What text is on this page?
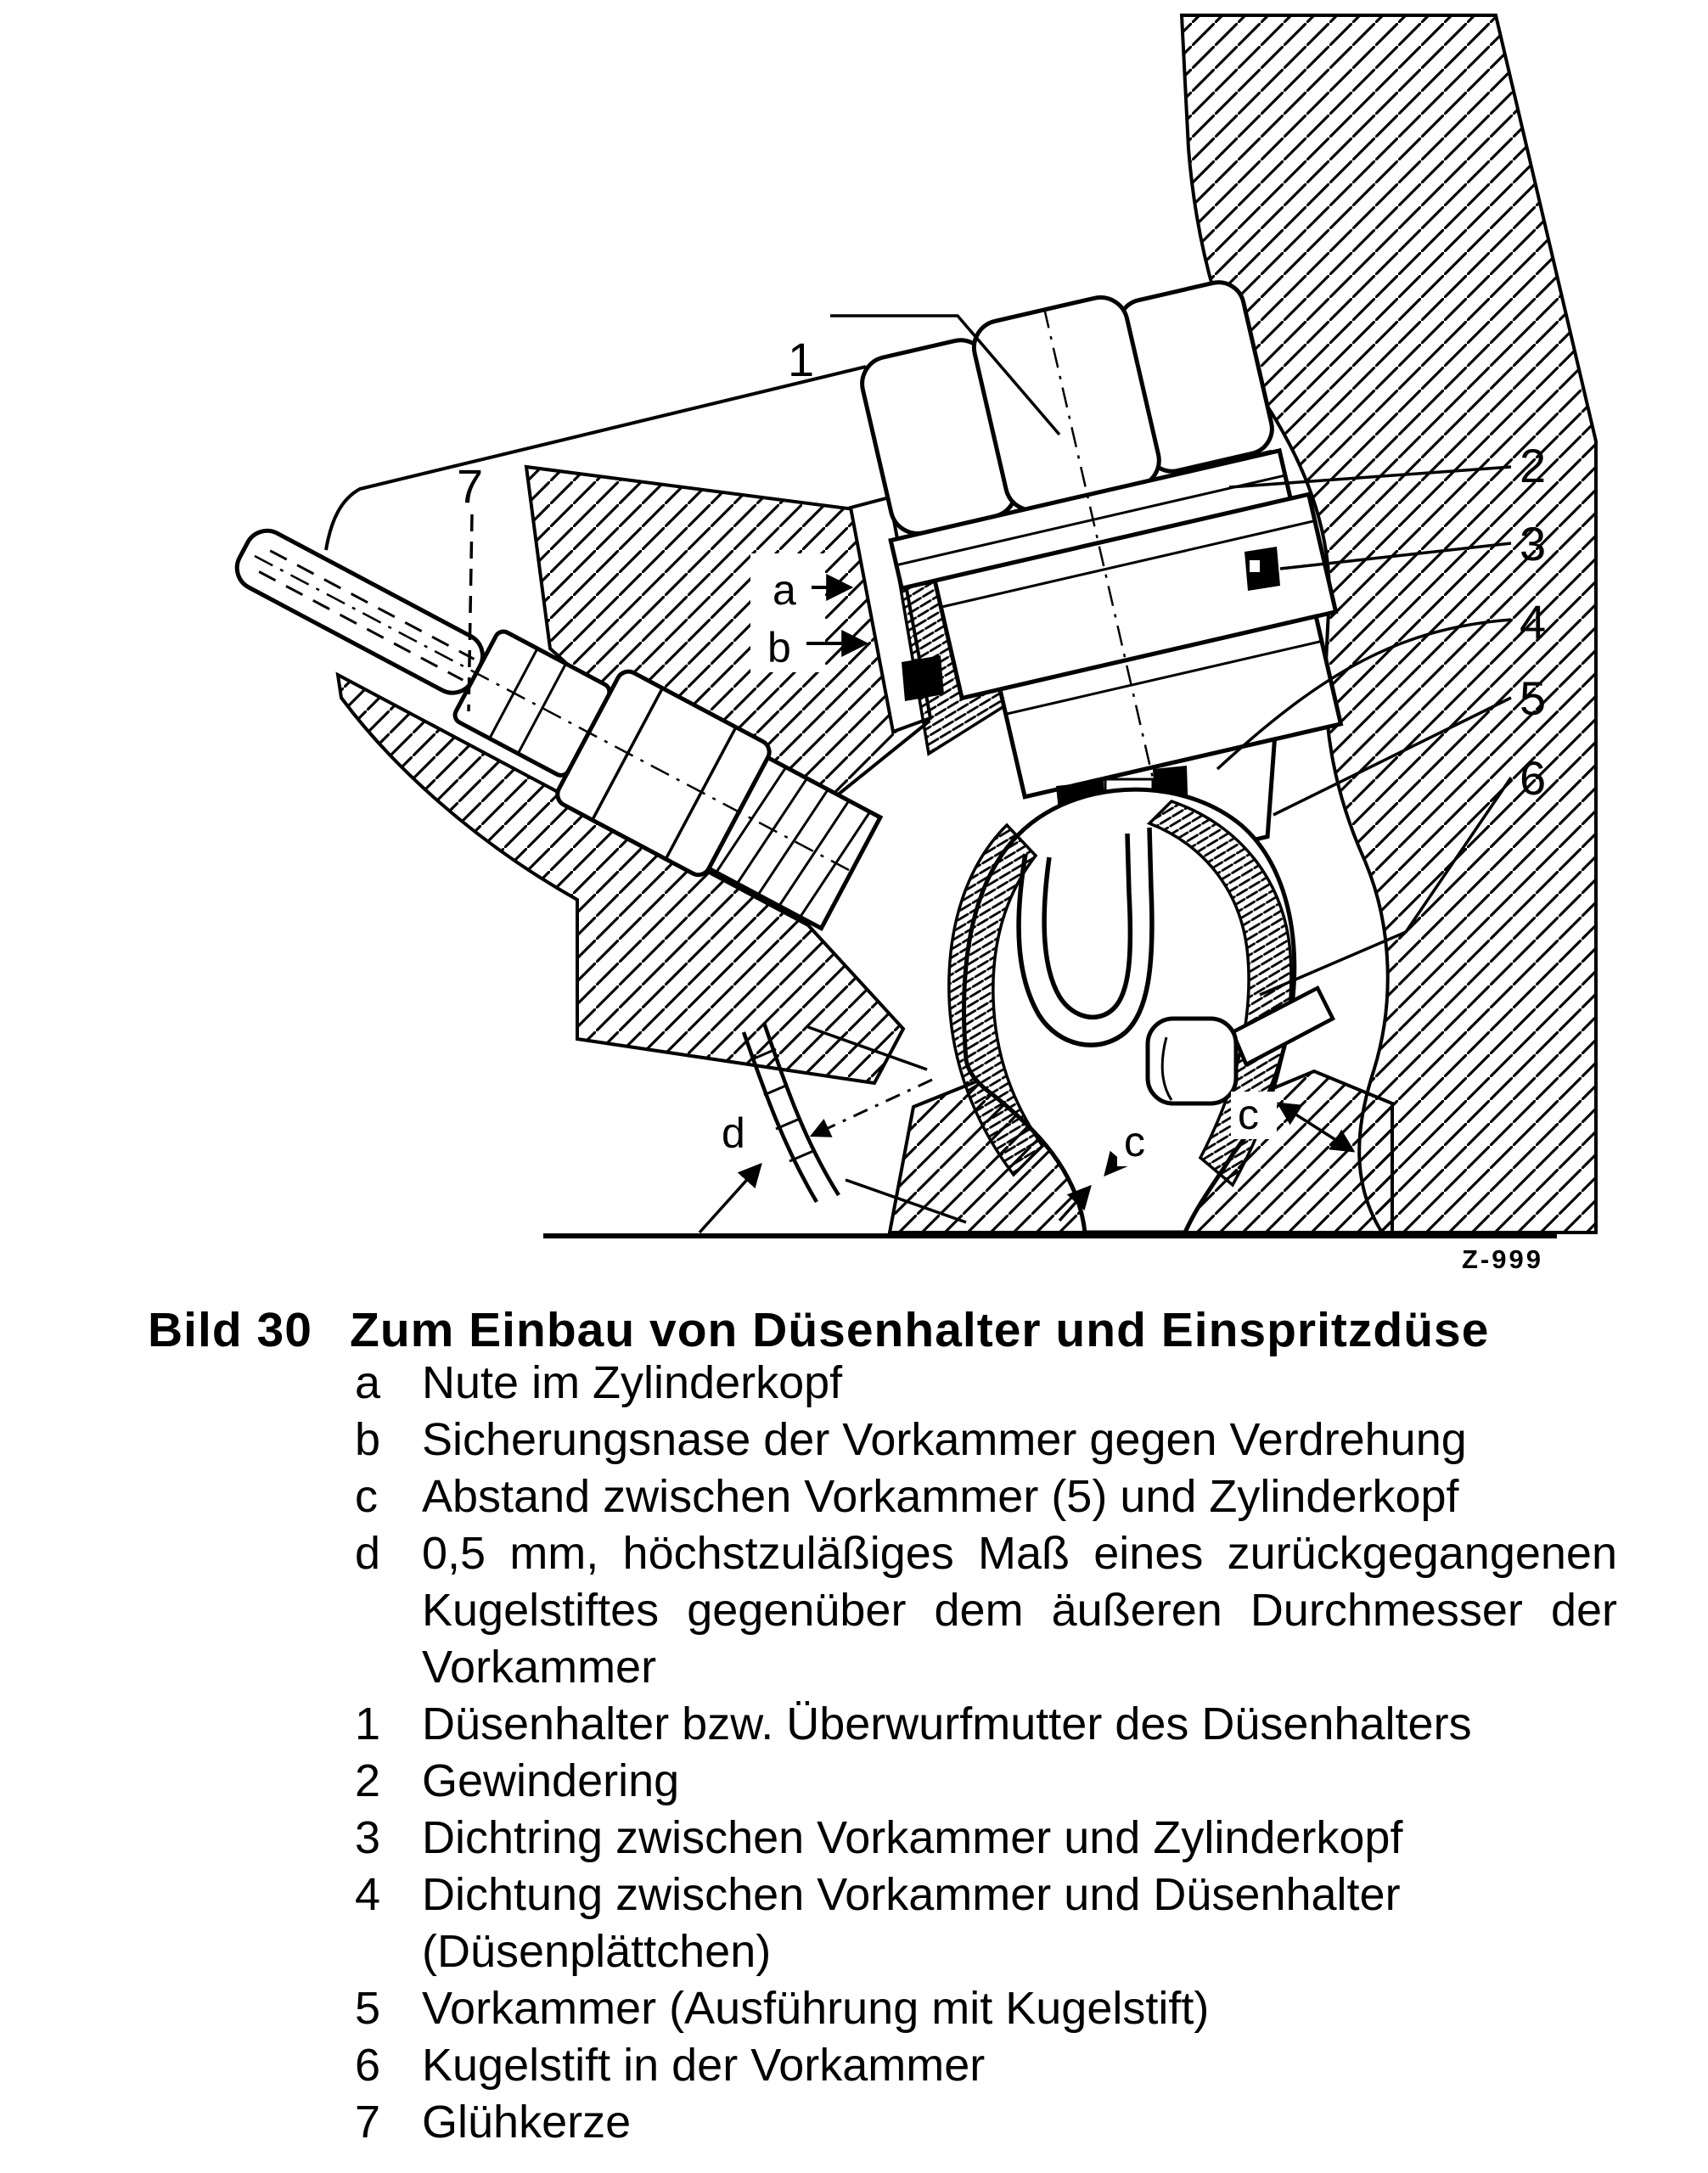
1
7
a
b
2
3
4
5
6
c
c
d
Z-999
Bild 30 Zum Einbau von Düsenhalter und Einspritzdüse
a Nute im Zylinderkopf
b Sicherungsnase der Vorkammer gegen Verdrehung
c Abstand zwischen Vorkammer (5) und Zylinderkopf
d 0,5 mm, höchstzuläßiges Maß eines zurückgegangenen
Kugelstiftes gegenüber dem äußeren Durchmesser der
Vorkammer
1 Düsenhalter bzw. Überwurfmutter des Düsenhalters
2 Gewindering
3 Dichtring zwischen Vorkammer und Zylinderkopf
4 Dichtung zwischen Vorkammer und Düsenhalter
(Düsenplättchen)
5 Vorkammer (Ausführung mit Kugelstift)
6 Kugelstift in der Vorkammer
7 Glühkerze
